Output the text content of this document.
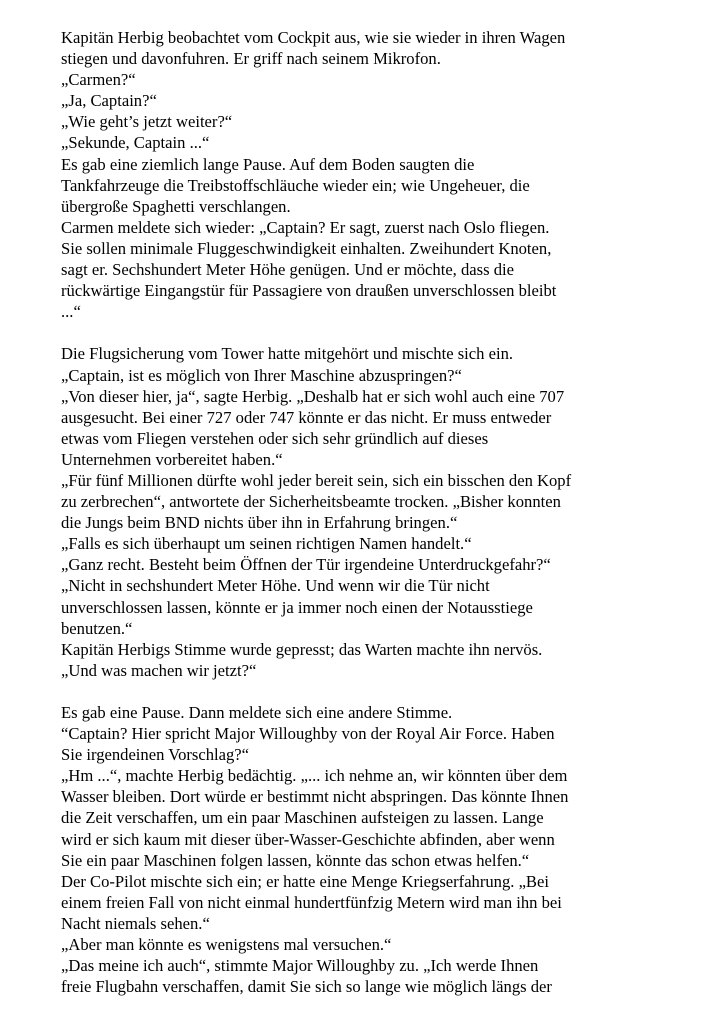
Kapitän Herbig beobachtet vom Cockpit aus, wie sie wieder in ihren Wagen
stiegen und davonfuhren. Er griff nach seinem Mikrofon.
„Carmen?“
„Ja, Captain?“
„Wie geht’s jetzt weiter?“
„Sekunde, Captain ...“
Es gab eine ziemlich lange Pause. Auf dem Boden saugten die
Tankfahrzeuge die Treibstoffschläuche wieder ein; wie Ungeheuer, die
übergroße Spaghetti verschlangen.
Carmen meldete sich wieder: „Captain? Er sagt, zuerst nach Oslo fliegen.
Sie sollen minimale Fluggeschwindigkeit einhalten. Zweihundert Knoten,
sagt er. Sechshundert Meter Höhe genügen. Und er möchte, dass die
rückwärtige Eingangstür für Passagiere von draußen unverschlossen bleibt
...“
Die Flugsicherung vom Tower hatte mitgehört und mischte sich ein.
„Captain, ist es möglich von Ihrer Maschine abzuspringen?“
„Von dieser hier, ja“, sagte Herbig. „Deshalb hat er sich wohl auch eine 707
ausgesucht. Bei einer 727 oder 747 könnte er das nicht. Er muss entweder
etwas vom Fliegen verstehen oder sich sehr gründlich auf dieses
Unternehmen vorbereitet haben.“
„Für fünf Millionen dürfte wohl jeder bereit sein, sich ein bisschen den Kopf
zu zerbrechen“, antwortete der Sicherheitsbeamte trocken. „Bisher konnten
die Jungs beim BND nichts über ihn in Erfahrung bringen.“
„Falls es sich überhaupt um seinen richtigen Namen handelt.“
„Ganz recht. Besteht beim Öffnen der Tür irgendeine Unterdruckgefahr?“
„Nicht in sechshundert Meter Höhe. Und wenn wir die Tür nicht
unverschlossen lassen, könnte er ja immer noch einen der Notausstiege
benutzen.“
Kapitän Herbigs Stimme wurde gepresst; das Warten machte ihn nervös.
„Und was machen wir jetzt?“
Es gab eine Pause. Dann meldete sich eine andere Stimme.
“Captain? Hier spricht Major Willoughby von der Royal Air Force. Haben
Sie irgendeinen Vorschlag?“
„Hm ...“, machte Herbig bedächtig. „... ich nehme an, wir könnten über dem
Wasser bleiben. Dort würde er bestimmt nicht abspringen. Das könnte Ihnen
die Zeit verschaffen, um ein paar Maschinen aufsteigen zu lassen. Lange
wird er sich kaum mit dieser über-Wasser-Geschichte abfinden, aber wenn
Sie ein paar Maschinen folgen lassen, könnte das schon etwas helfen.“
Der Co-Pilot mischte sich ein; er hatte eine Menge Kriegserfahrung. „Bei
einem freien Fall von nicht einmal hundertfünfzig Metern wird man ihn bei
Nacht niemals sehen.“
„Aber man könnte es wenigstens mal versuchen.“
„Das meine ich auch“, stimmte Major Willoughby zu. „Ich werde Ihnen
freie Flugbahn verschaffen, damit Sie sich so lange wie möglich längs der
